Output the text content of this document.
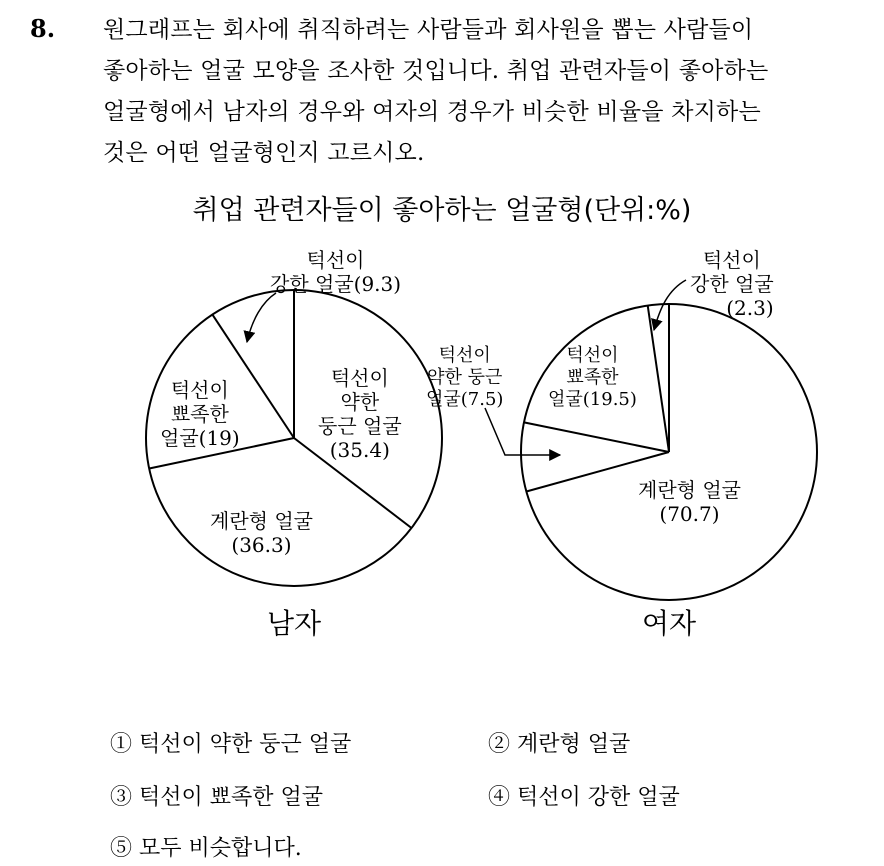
8. 원그래프는 회사에 취직하려는 사람들과 회사원을 뽑는 사람들이
좋아하는 얼굴 모양을 조사한 것입니다. 취업 관련자들이 좋아하는
얼굴형에서 남자의 경우와 여자의 경우가 비슷한 비율을 차지하는
것은 어떤 얼굴형인지 고르시오.
취업 관련자들이 좋아하는 얼굴형(단위:%)
턱선이
약한
둥근 얼굴
(35.4)
계란형 얼굴
(36.3)
턱선이
뾰족한
얼굴(19)
턱선이
강한 얼굴(9.3)
계란형 얼굴
(70.7)
턱선이
약한 둥근
얼굴(7.5)
턱선이
뾰족한
얼굴(19.5)
턱선이
강한 얼굴
(2.3)
남자	여자
① 턱선이 약한 둥근 얼굴	② 계란형 얼굴
③ 턱선이 뾰족한 얼굴	④ 턱선이 강한 얼굴
⑤ 모두 비슷합니다.
